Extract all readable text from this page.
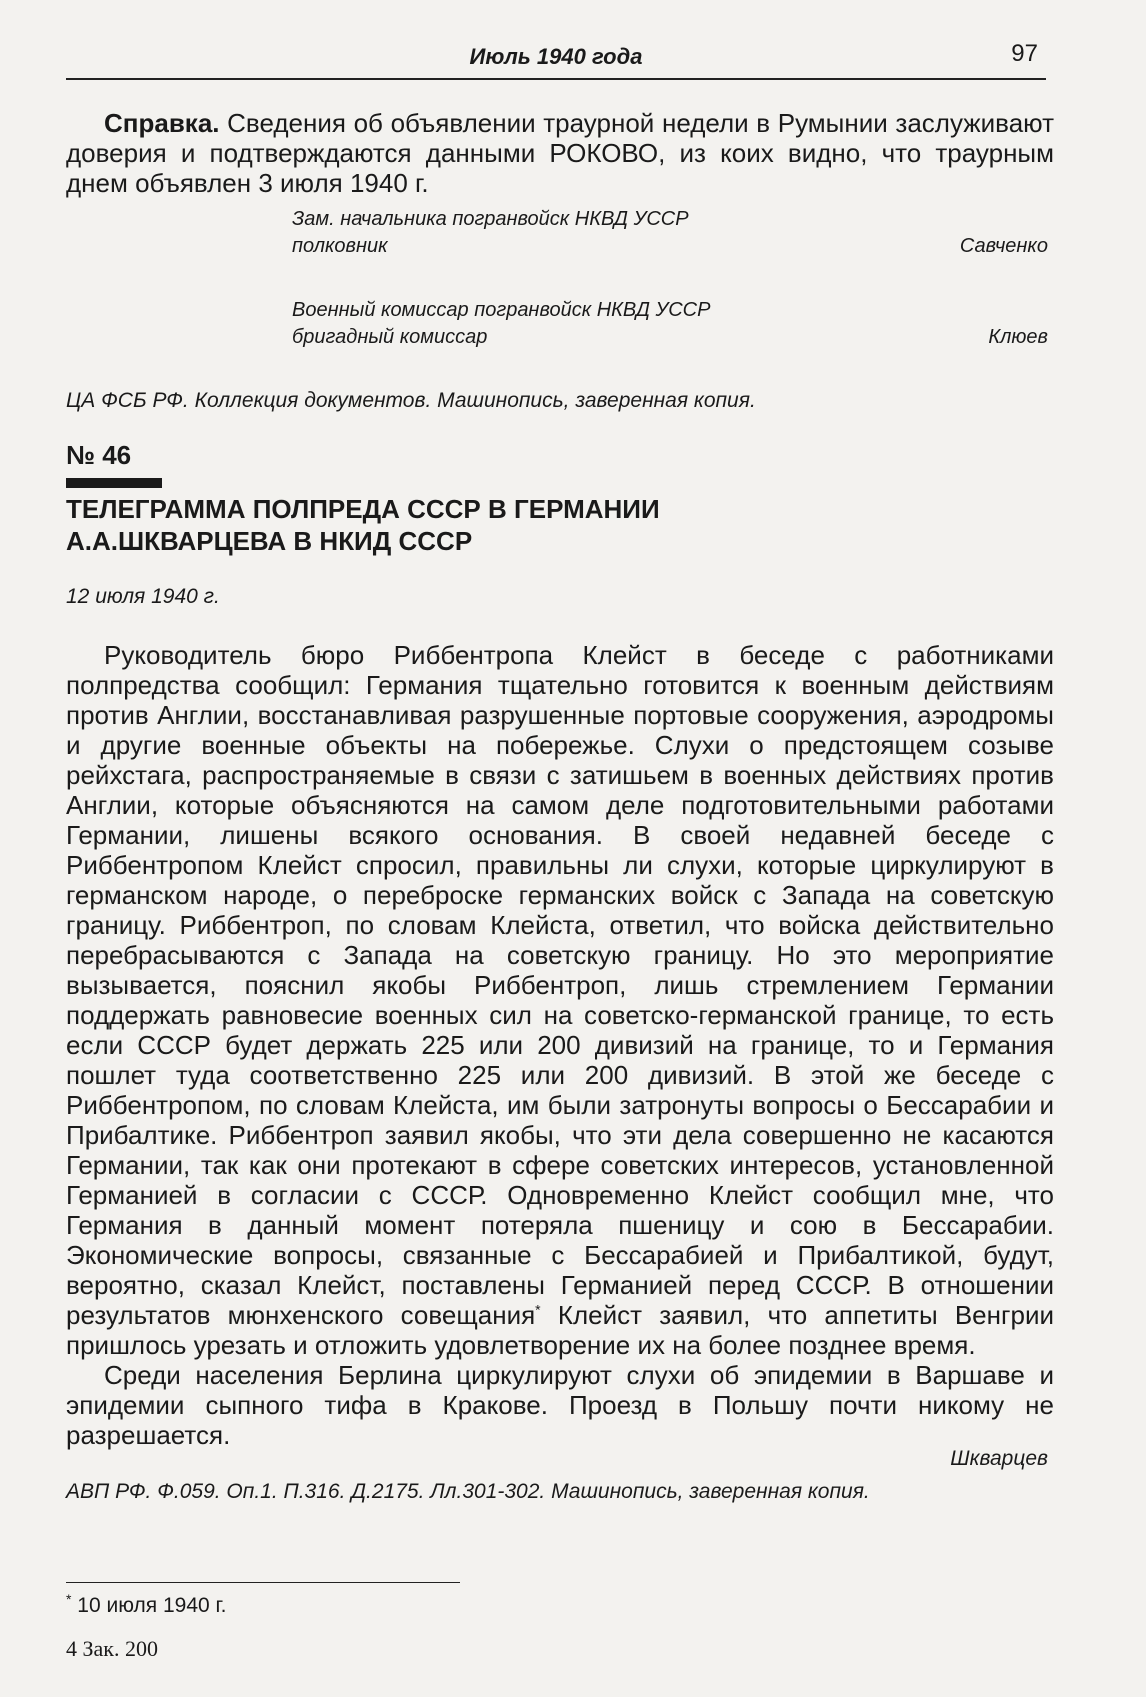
Июль 1940 года	97

Справка. Сведения об объявлении траурной недели в Румынии заслуживают доверия и подтверждаются данными РОКОВО, из коих видно, что траурным днем объявлен 3 июля 1940 г.

Зам. начальника погранвойск НКВД УССР
полковник	Савченко
Военный комиссар погранвойск НКВД УССР
бригадный комиссар	Клюев
ЦА ФСБ РФ. Коллекция документов. Машинопись, заверенная копия.
№ 46
ТЕЛЕГРАММА ПОЛПРЕДА СССР В ГЕРМАНИИ
А.А.ШКВАРЦЕВА В НКИД СССР
12 июля 1940 г.

Руководитель бюро Риббентропа Клейст в беседе с работниками полпредства сообщил: Германия тщательно готовится к военным действиям против Англии, восстанавливая разрушенные портовые сооружения, аэродромы и другие военные объекты на побережье. Слухи о предстоящем созыве рейхстага, распространяемые в связи с затишьем в военных действиях против Англии, которые объясняются на самом деле подготовительными работами Германии, лишены всякого основания. В своей недавней беседе с Риббентропом Клейст спросил, правильны ли слухи, которые циркулируют в германском народе, о переброске германских войск с Запада на советскую границу. Риббентроп, по словам Клейста, ответил, что войска действительно перебрасываются с Запада на советскую границу. Но это мероприятие вызывается, пояснил якобы Риббентроп, лишь стремлением Германии поддержать равновесие военных сил на советско-германской границе, то есть если СССР будет держать 225 или 200 дивизий на границе, то и Германия пошлет туда соответственно 225 или 200 дивизий. В этой же беседе с Риббентропом, по словам Клейста, им были затронуты вопросы о Бессарабии и Прибалтике. Риббентроп заявил якобы, что эти дела совершенно не касаются Германии, так как они протекают в сфере советских интересов, установленной Германией в согласии с СССР. Одновременно Клейст сообщил мне, что Германия в данный момент потеряла пшеницу и сою в Бессарабии. Экономические вопросы, связанные с Бессарабией и Прибалтикой, будут, вероятно, сказал Клейст, поставлены Германией перед СССР. В отношении результатов мюнхенского совещания* Клейст заявил, что аппетиты Венгрии пришлось урезать и отложить удовлетворение их на более позднее время.

Среди населения Берлина циркулируют слухи об эпидемии в Варшаве и эпидемии сыпного тифа в Кракове. Проезд в Польшу почти никому не разрешается.

Шкварцев
АВП РФ. Ф.059. Оп.1. П.316. Д.2175. Лл.301-302. Машинопись, заверенная копия.
* 10 июля 1940 г.
4 Зак. 200
